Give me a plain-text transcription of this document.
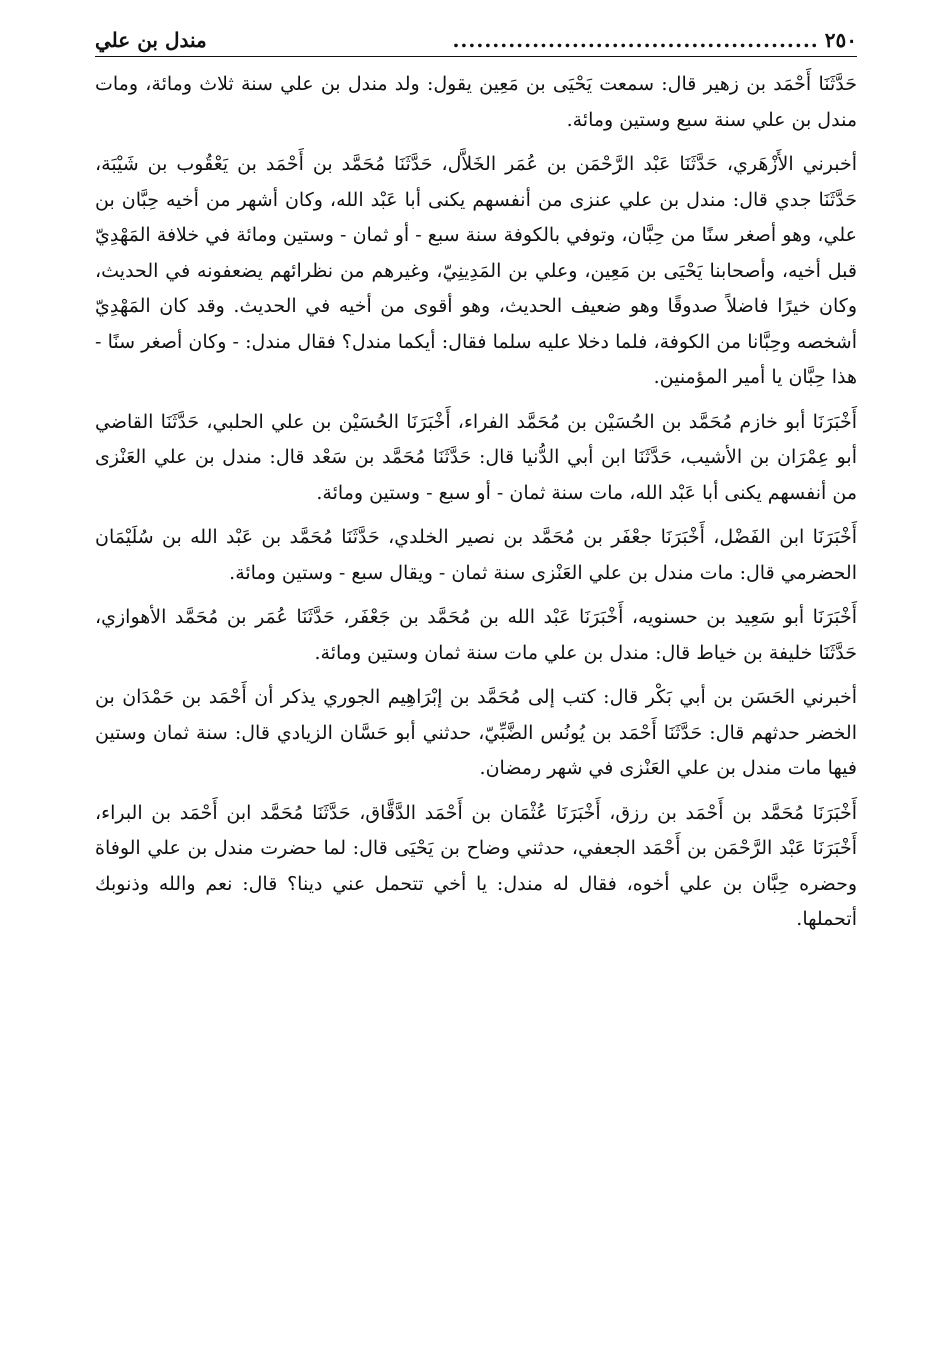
٢٥٠
..............................................
مندل بن علي

حَدَّثَنَا أَحْمَد بن زهير قال: سمعت يَحْيَى بن مَعِين يقول: ولد مندل بن علي سنة ثلاث ومائة، ومات مندل بن علي سنة سبع وستين ومائة.

أخبرني الأَزْهَري، حَدَّثَنَا عَبْد الرَّحْمَن بن عُمَر الخَلاَّل، حَدَّثَنَا مُحَمَّد بن أَحْمَد بن يَعْقُوب بن شَيْبَة، حَدَّثَنَا جدي قال: مندل بن علي عنزى من أنفسهم يكنى أبا عَبْد الله، وكان أشهر من أخيه حِبَّان بن علي، وهو أصغر سنًا من حِبَّان، وتوفي بالكوفة سنة سبع - أو ثمان - وستين ومائة في خلافة المَهْدِيّ قبل أخيه، وأصحابنا يَحْيَى بن مَعِين، وعلي بن المَدِينِيّ، وغيرهم من نظرائهم يضعفونه في الحديث، وكان خيرًا فاضلاً صدوقًا وهو ضعيف الحديث، وهو أقوى من أخيه في الحديث. وقد كان المَهْدِيّ أشخصه وحِبَّانا من الكوفة، فلما دخلا عليه سلما فقال: أيكما مندل؟ فقال مندل: - وكان أصغر سنًا - هذا حِبَّان يا أمير المؤمنين.

أَخْبَرَنَا أبو خازم مُحَمَّد بن الحُسَيْن بن مُحَمَّد الفراء، أَخْبَرَنَا الحُسَيْن بن علي الحلبي، حَدَّثَنَا القاضي أبو عِمْرَان بن الأشيب، حَدَّثَنَا ابن أبي الدُّنيا قال: حَدَّثَنَا مُحَمَّد بن سَعْد قال: مندل بن علي العَنْزى من أنفسهم يكنى أبا عَبْد الله، مات سنة ثمان - أو سبع - وستين ومائة.

أَخْبَرَنَا ابن الفَضْل، أَخْبَرَنَا جعْفَر بن مُحَمَّد بن نصير الخلدي، حَدَّثَنَا مُحَمَّد بن عَبْد الله بن سُلَيْمَان الحضرمي قال: مات مندل بن علي العَنْزى سنة ثمان - ويقال سبع - وستين ومائة.

أَخْبَرَنَا أبو سَعِيد بن حسنويه، أَخْبَرَنَا عَبْد الله بن مُحَمَّد بن جَعْفَر، حَدَّثَنَا عُمَر بن مُحَمَّد الأهوازي، حَدَّثَنَا خليفة بن خياط قال: مندل بن علي مات سنة ثمان وستين ومائة.

أخبرني الحَسَن بن أبي بَكْر قال: كتب إلى مُحَمَّد بن إبْرَاهِيم الجوري يذكر أن أَحْمَد بن حَمْدَان بن الخضر حدثهم قال: حَدَّثَنَا أَحْمَد بن يُونُس الضَّبِّيّ، حدثني أبو حَسَّان الزيادي قال: سنة ثمان وستين فيها مات مندل بن علي العَنْزى في شهر رمضان.

أَخْبَرَنَا مُحَمَّد بن أَحْمَد بن رزق، أَخْبَرَنَا عُثْمَان بن أَحْمَد الدَّقَّاق، حَدَّثَنَا مُحَمَّد ابن أَحْمَد بن البراء، أَخْبَرَنَا عَبْد الرَّحْمَن بن أَحْمَد الجعفي، حدثني وضاح بن يَحْيَى قال: لما حضرت مندل بن علي الوفاة وحضره حِبَّان بن علي أخوه، فقال له مندل: يا أخي تتحمل عني دينا؟ قال: نعم والله وذنوبك أتحملها.
